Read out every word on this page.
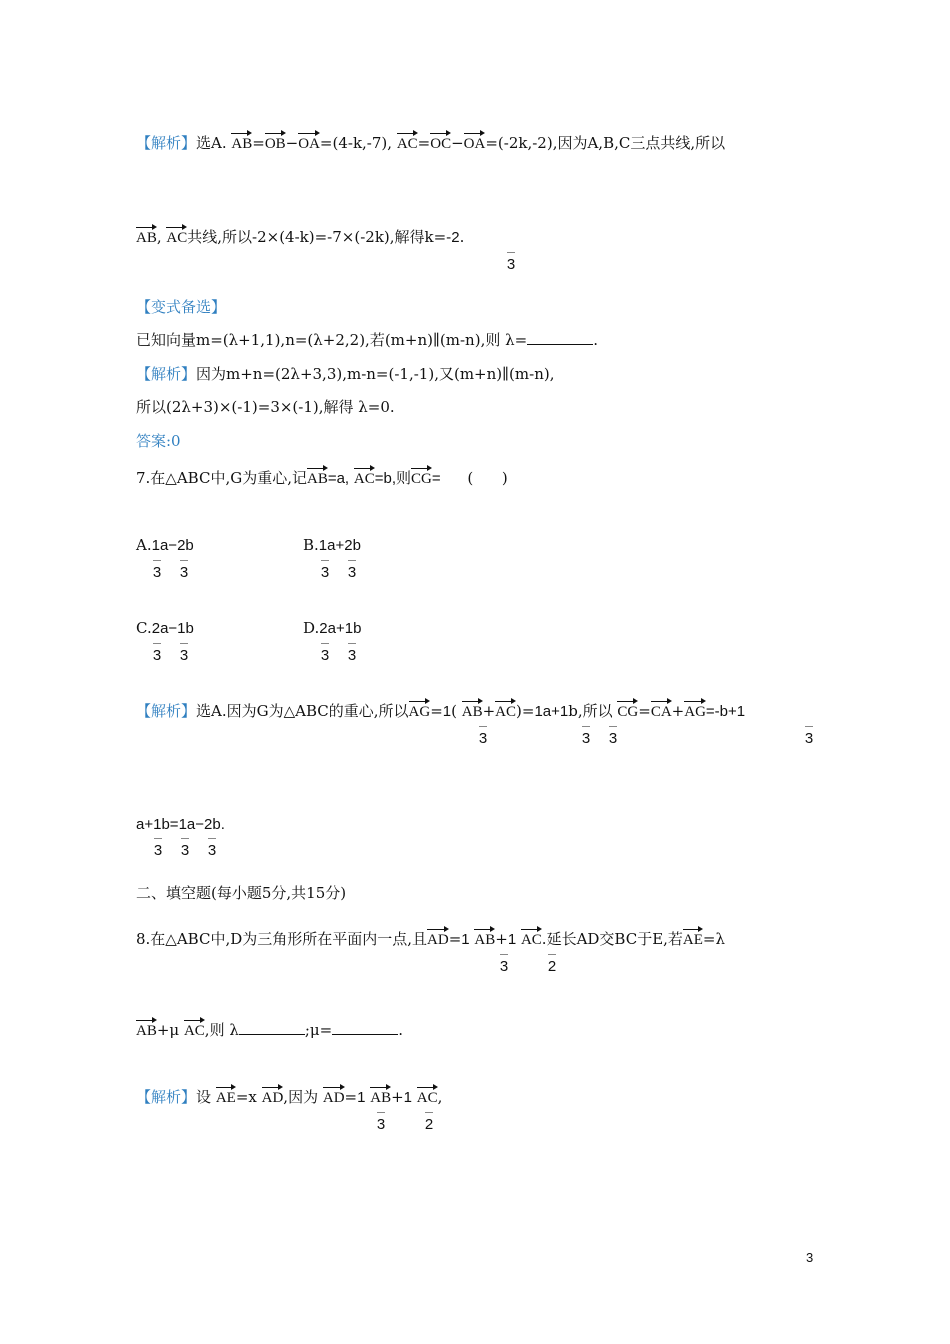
【解析】选A. AB=OB−OA=(4-k,-7), AC=OC−OA=(-2k,-2),因为A,B,C三点共线,所以
AB, AC共线,所以-2×(4-k)=-7×(-2k),解得k=-2.
3
【变式备选】
已知向量m=(λ+1,1),n=(λ+2,2),若(m+n)∥(m-n),则 λ=	.
【解析】因为m+n=(2λ+3,3),m-n=(-1,-1),又(m+n)∥(m-n),
所以(2λ+3)×(-1)=3×(-1),解得 λ=0.
答案:0
7.在△ABC中,G为重心,记AB=a, AC=b,则CG= (      )
A.1a−2b
3 3
B.1a+2b
3 3
C.2a−1b
3 3
D.2a+1b
3 3
【解析】选A.因为G为△ABC的重心,所以AG=1( AB+AC)=1a+1b,所以 CG=CA+AG=-b+1
3	3 3	3
a+1b=1a−2b.
3 3 3
二、填空题(每小题5分,共15分)
8.在△ABC中,D为三角形所在平面内一点,且AD=1 AB+1 AC.延长AD交BC于E,若AE=λ
3	2
AB+μ AC,则 λ	;μ=	.
【解析】设 AE=x AD,因为 AD=1 AB+1 AC,
3	2
3
